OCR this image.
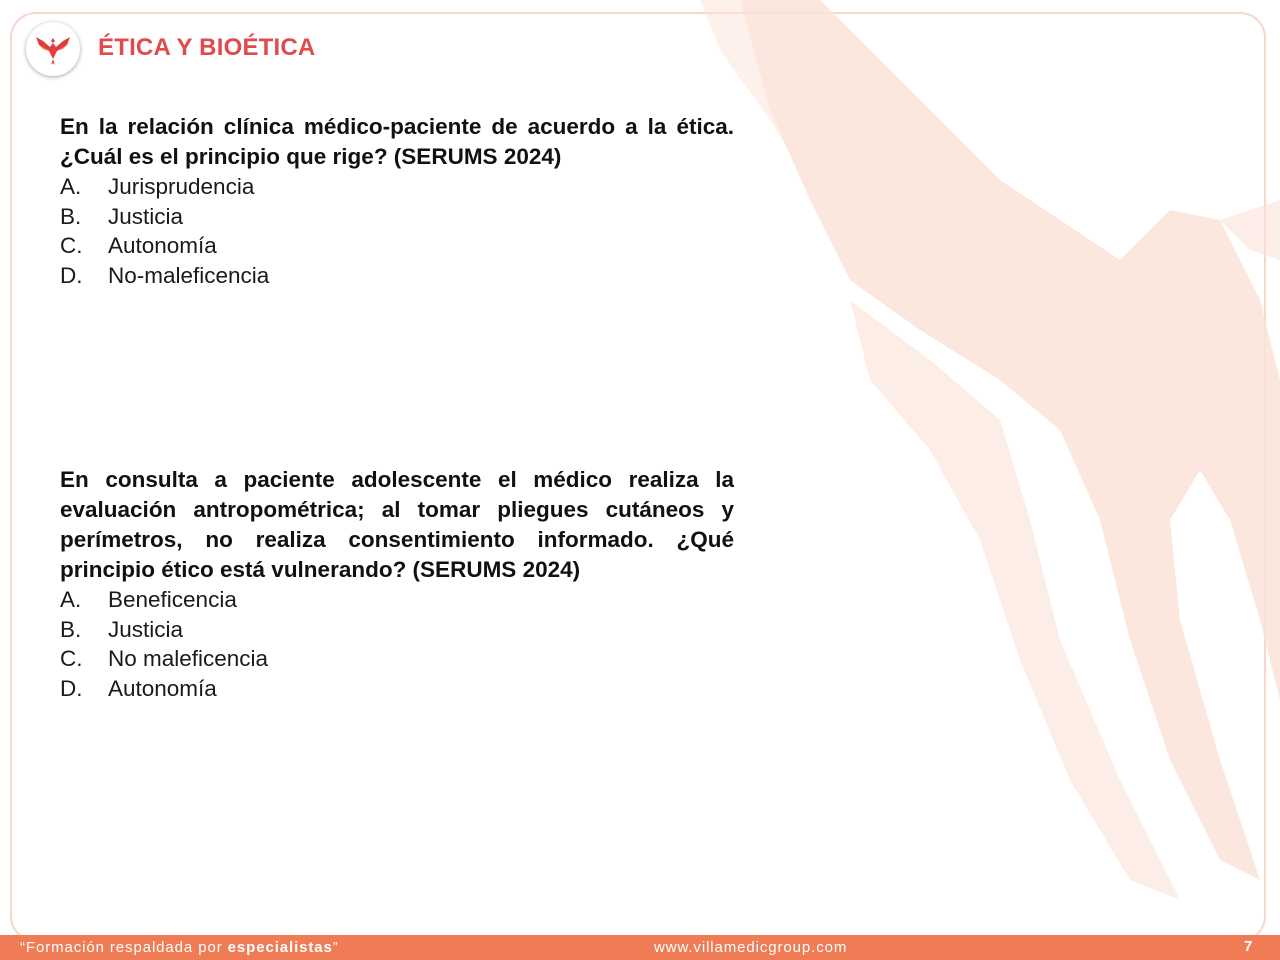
ÉTICA Y BIOÉTICA

En la relación clínica médico-paciente de acuerdo a la ética. ¿Cuál es el principio que rige? (SERUMS 2024)

A.	Jurisprudencia
B.	Justicia
C.	Autonomía
D.	No-maleficencia

En consulta a paciente adolescente el médico realiza la evaluación antropométrica; al tomar pliegues cutáneos y perímetros, no realiza consentimiento informado. ¿Qué principio ético está vulnerando? (SERUMS 2024)

A.	Beneficencia
B.	Justicia
C.	No maleficencia
D.	Autonomía
“Formación respaldada por especialistas”	www.villamedicgroup.com	7
